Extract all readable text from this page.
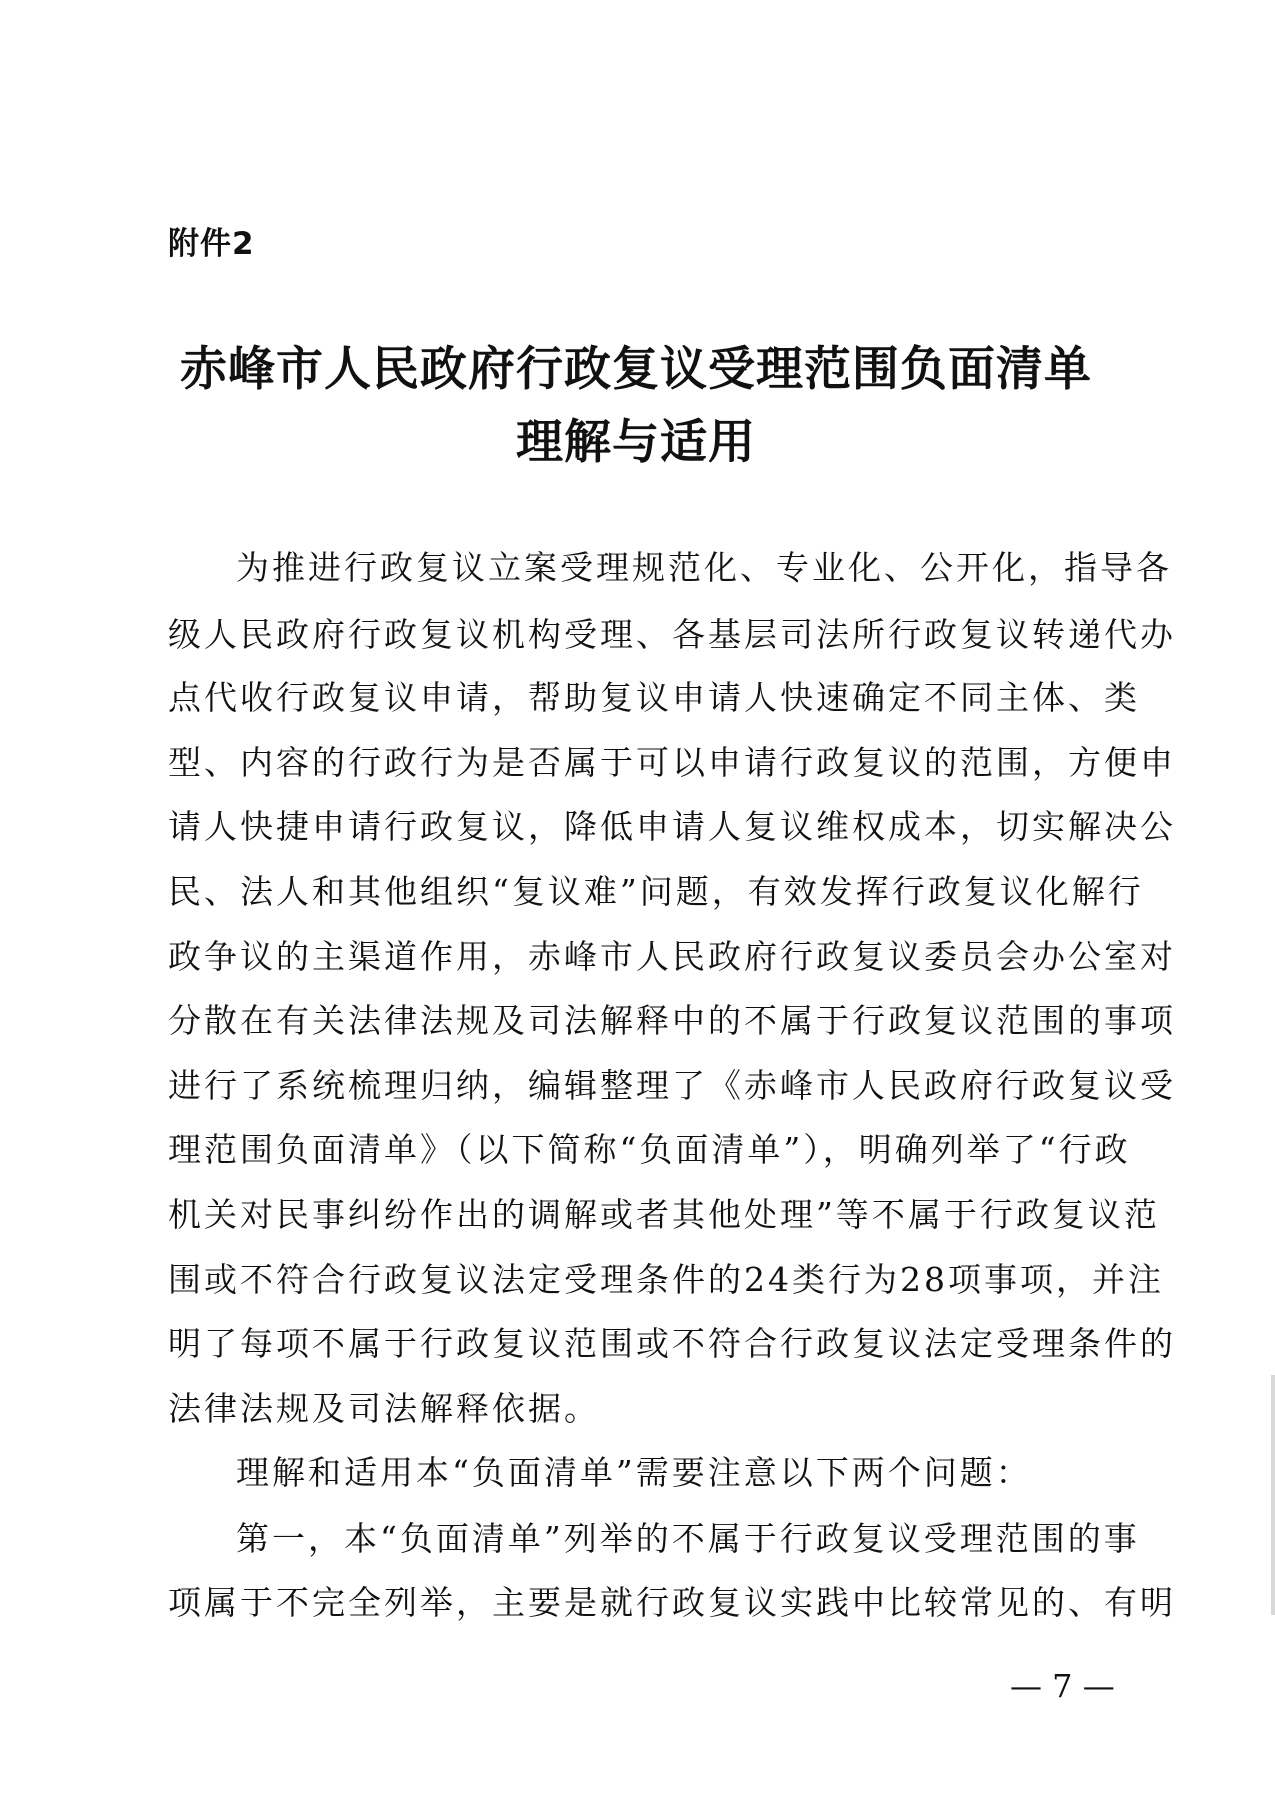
附件2
赤峰市人民政府行政复议受理范围负面清单
理解与适用
为推进行政复议立案受理规范化、专业化、公开化，指导各
级人民政府行政复议机构受理、各基层司法所行政复议转递代办
点代收行政复议申请，帮助复议申请人快速确定不同主体、类
型、内容的行政行为是否属于可以申请行政复议的范围，方便申
请人快捷申请行政复议，降低申请人复议维权成本，切实解决公
民、法人和其他组织“复议难”问题，有效发挥行政复议化解行
政争议的主渠道作用，赤峰市人民政府行政复议委员会办公室对
分散在有关法律法规及司法解释中的不属于行政复议范围的事项
进行了系统梳理归纳，编辑整理了《赤峰市人民政府行政复议受
理范围负面清单》（以下简称“负面清单”），明确列举了“行政
机关对民事纠纷作出的调解或者其他处理”等不属于行政复议范
围或不符合行政复议法定受理条件的24类行为28项事项，并注
明了每项不属于行政复议范围或不符合行政复议法定受理条件的
法律法规及司法解释依据。
理解和适用本“负面清单”需要注意以下两个问题：
第一，本“负面清单”列举的不属于行政复议受理范围的事
项属于不完全列举，主要是就行政复议实践中比较常见的、有明
— 7 —
